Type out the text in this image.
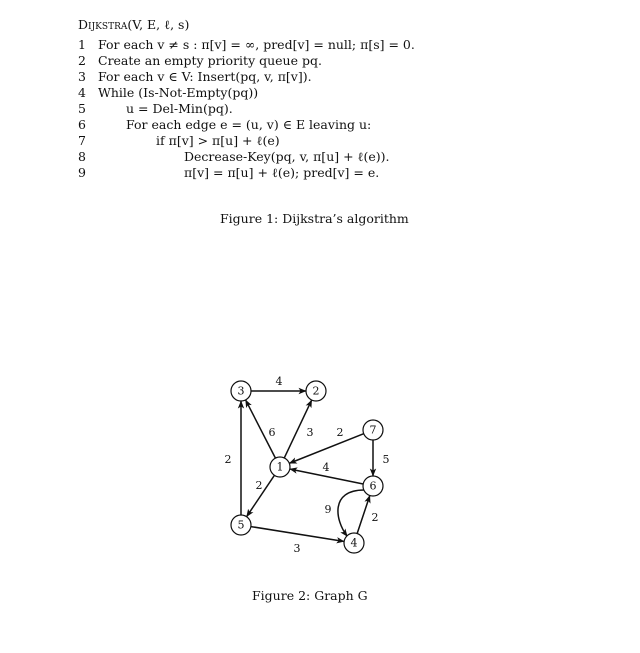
Dijkstra(V, E, ℓ, s)
1 For each v ≠ s : π[v] = ∞, pred[v] = null; π[s] = 0.
2 Create an empty priority queue pq.
3 For each v ∈ V: Insert(pq, v, π[v]).
4 While (Is-Not-Empty(pq))
5	u = Del-Min(pq).
6	For each edge e = (u, v) ∈ E leaving u:
7	if π[v] > π[u] + ℓ(e)
8	Decrease-Key(pq, v, π[u] + ℓ(e)).
9	π[v] = π[u] + ℓ(e); pred[v] = e.
Figure 1: Dijkstra’s algorithm
4
6	3 2
5
4
2
2
3
9
2
1
2
3
4
5
6
7
Figure 2: Graph G
